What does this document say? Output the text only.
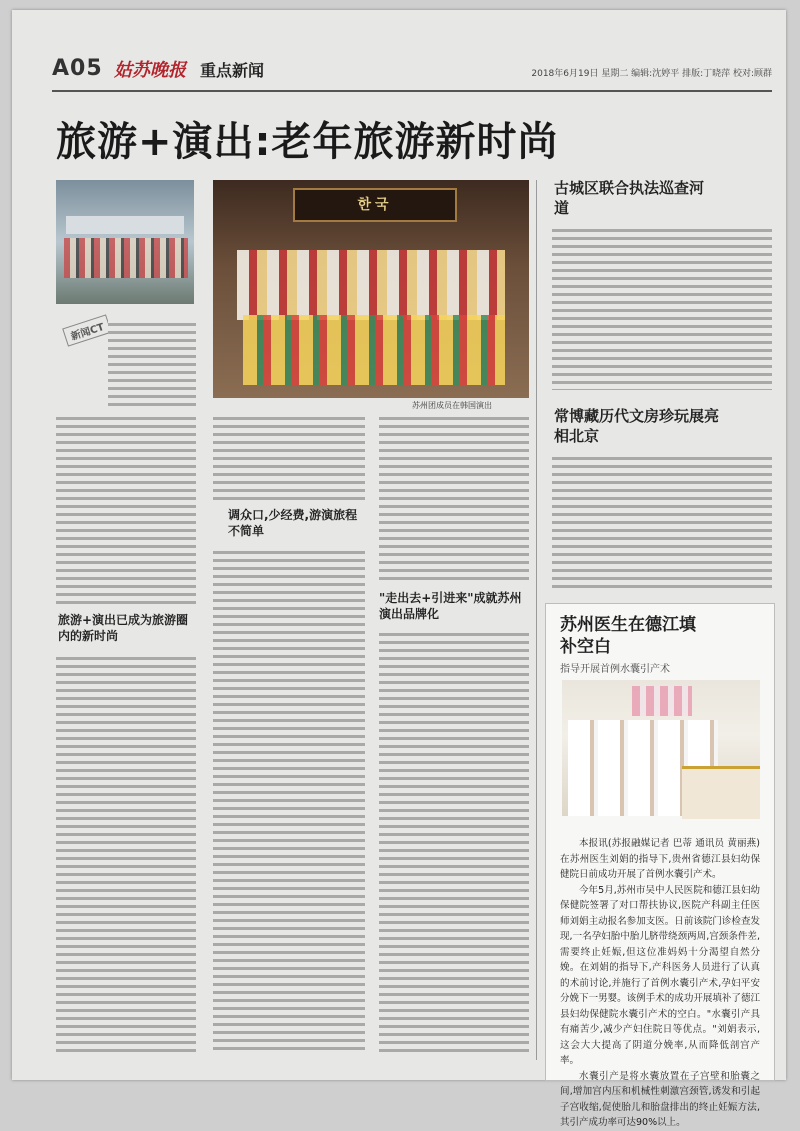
A05 姑苏晚报 重点新闻	2018年6月19日 星期二 编辑:沈婷平 排版:丁晓萍 校对:顾群
旅游+演出:老年旅游新时尚
한국
苏州团成员在韩国演出
新闻CT
旅游+演出已成为旅游圈内的新时尚
调众口,少经费,游演旅程不简单
"走出去+引进来"成就苏州演出品牌化
古城区联合执法巡查河道
常博藏历代文房珍玩展亮相北京
苏州医生在德江填补空白
指导开展首例水囊引产术

本报讯(苏报融媒记者 巴蒂 通讯员 黄丽燕)在苏州医生刘娟的指导下,贵州省德江县妇幼保健院日前成功开展了首例水囊引产术。

今年5月,苏州市吴中人民医院和德江县妇幼保健院签署了对口帮扶协议,医院产科副主任医师刘娟主动报名参加支医。日前该院门诊检查发现,一名孕妇胎中胎儿脐带绕颈两周,宫颈条件差,需要终止妊娠,但这位准妈妈十分渴望自然分娩。在刘娟的指导下,产科医务人员进行了认真的术前讨论,并施行了首例水囊引产术,孕妇平安分娩下一男婴。该例手术的成功开展填补了德江县妇幼保健院水囊引产术的空白。"水囊引产具有痛苦少,减少产妇住院日等优点。"刘娟表示,这会大大提高了阴道分娩率,从而降低剖宫产率。

水囊引产是将水囊放置在子宫壁和胎囊之间,增加宫内压和机械性刺激宫颈管,诱发和引起子宫收缩,促使胎儿和胎盘排出的终止妊娠方法,其引产成功率可达90%以上。
